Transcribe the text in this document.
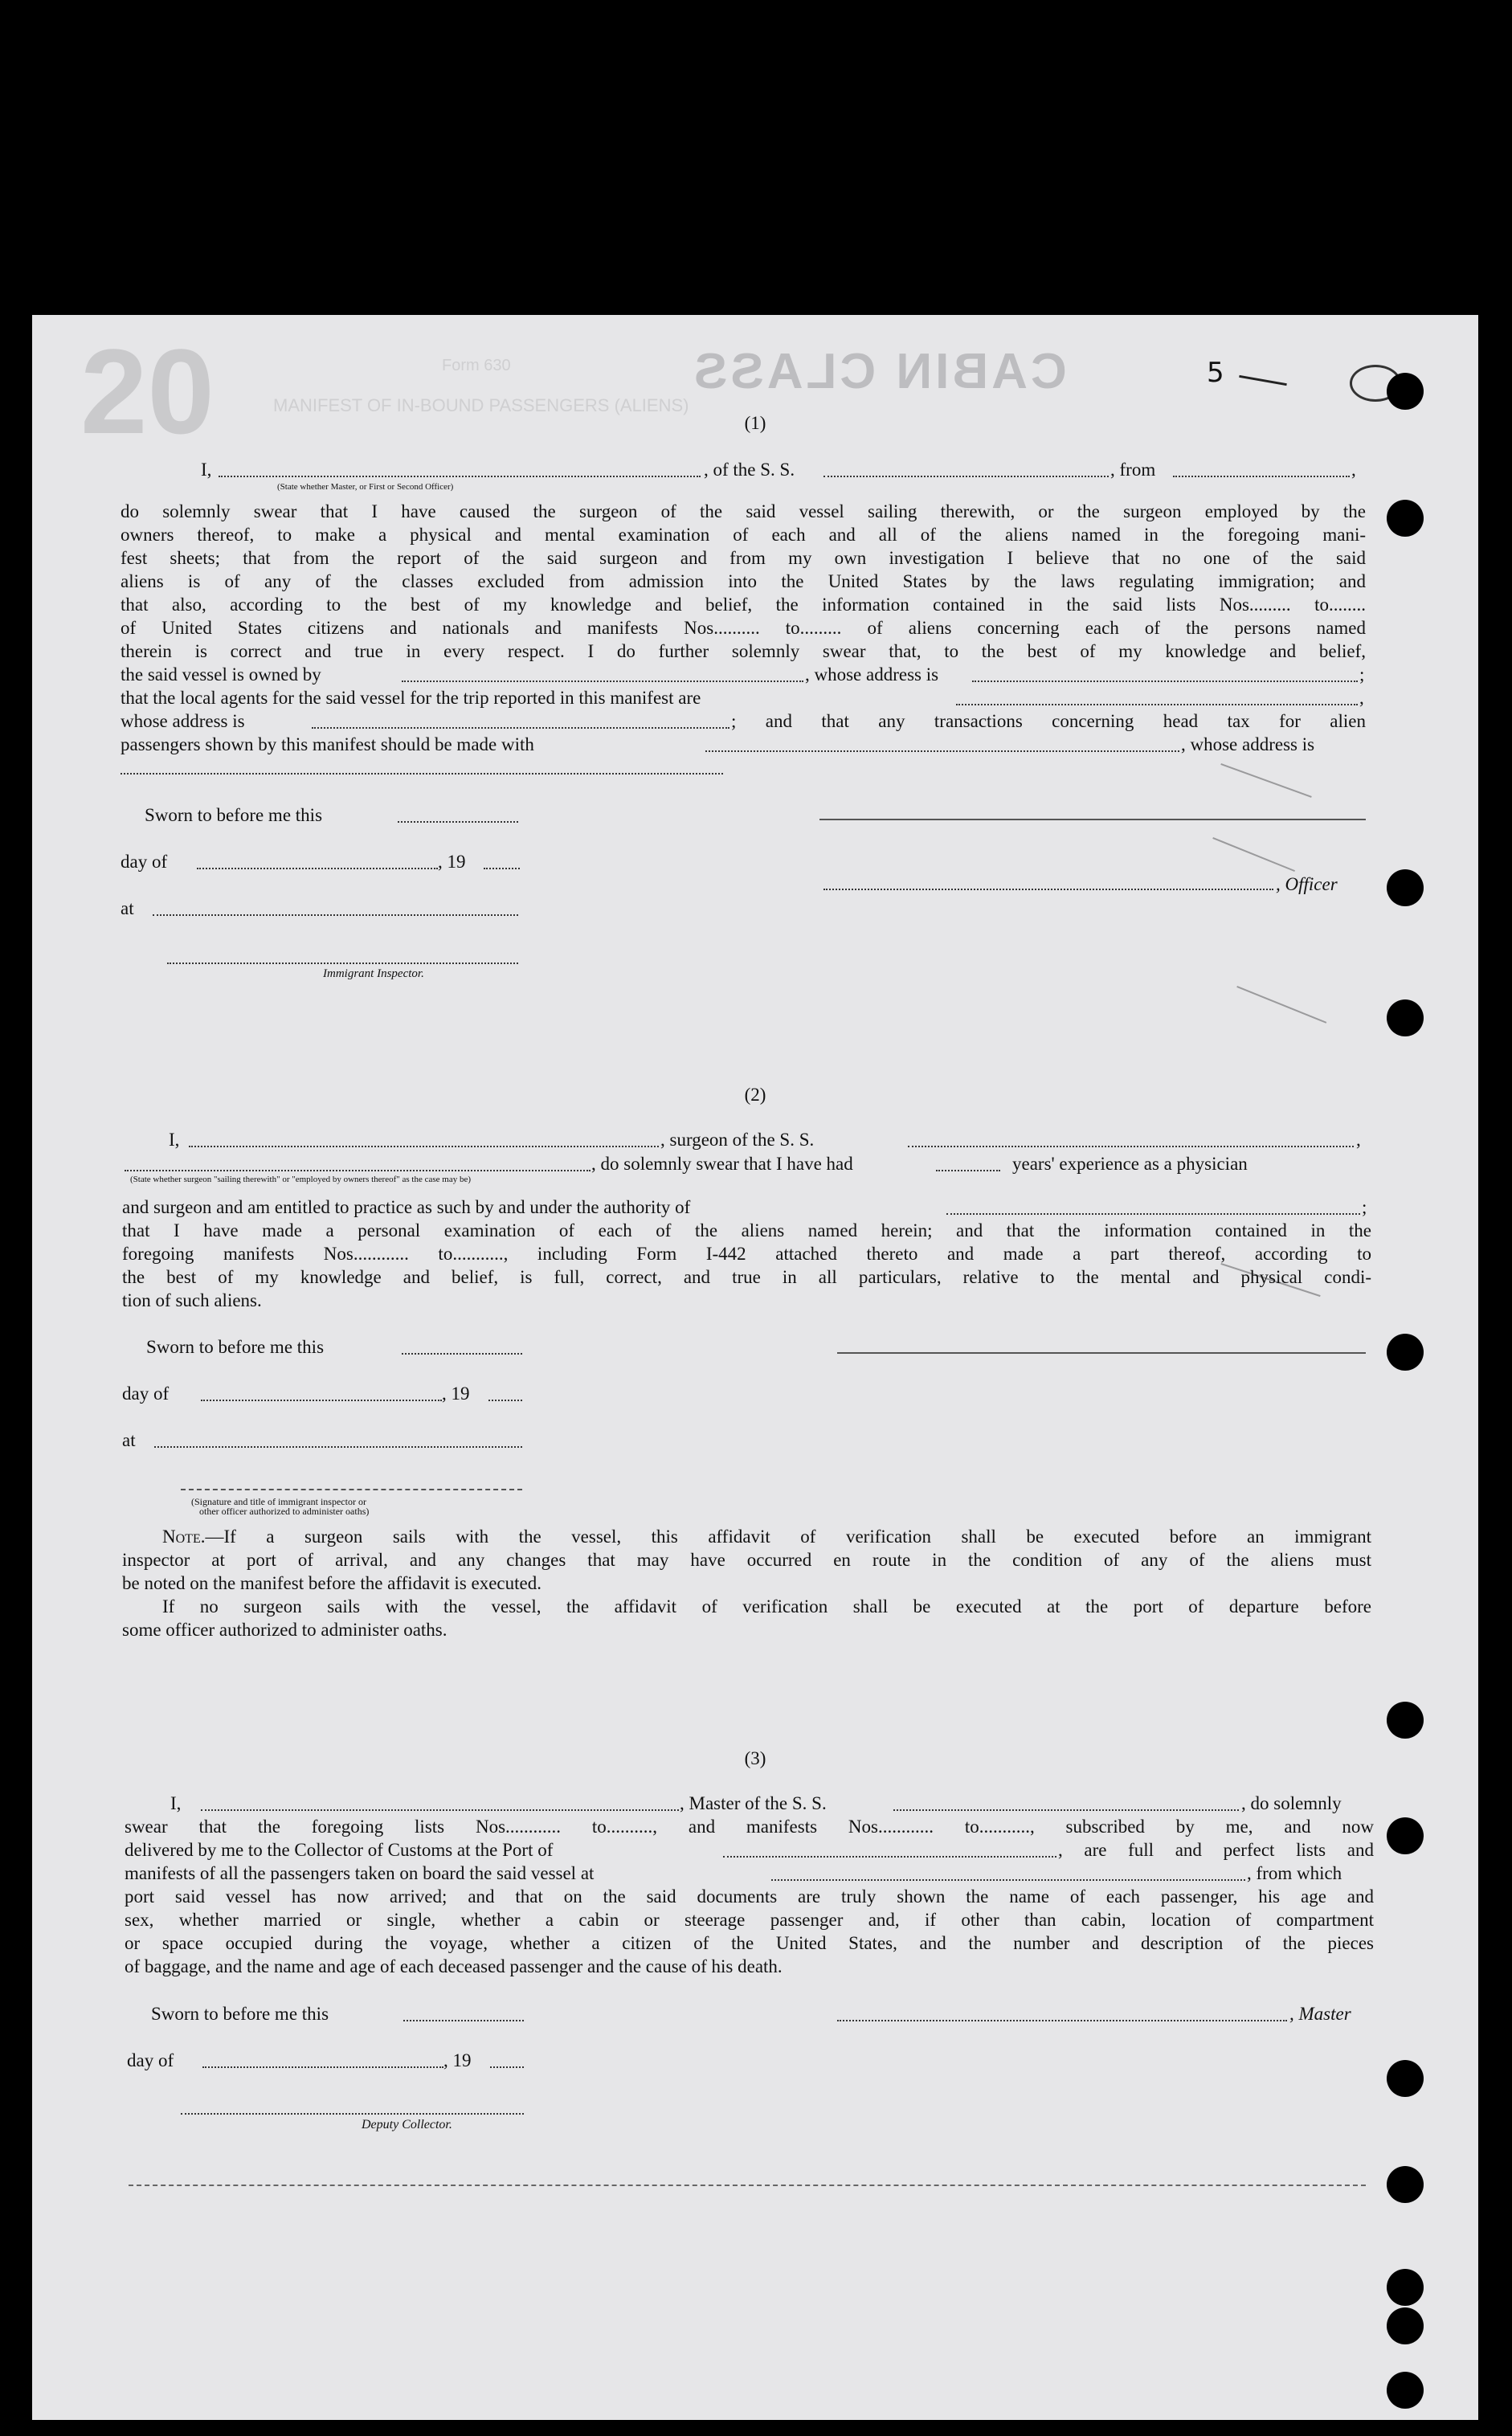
20	CABIN CLASS
Form 630
MANIFEST OF IN-BOUND PASSENGERS (ALIENS)
5
(1)
I,	, of the S. S.	, from	,
(State whether Master, or First or Second Officer)
do solemnly swear that I have caused the surgeon of the said vessel sailing therewith, or the surgeon employed by the
owners thereof, to make a physical and mental examination of each and all of the aliens named in the foregoing mani-
fest sheets; that from the report of the said surgeon and from my own investigation I believe that no one of the said
aliens is of any of the classes excluded from admission into the United States by the laws regulating immigration; and
that also, according to the best of my knowledge and belief, the information contained in the said lists Nos......... to........
of United States citizens and nationals and manifests Nos.......... to......... of aliens concerning each of the persons named
therein is correct and true in every respect. I do further solemnly swear that, to the best of my knowledge and belief,
the said vessel is owned by	, whose address is	;
that the local agents for the said vessel for the trip reported in this manifest are	,
whose address is	; and that any transactions concerning head tax for alien
passengers shown by this manifest should be made with	, whose address is
Sworn to before me this
day of	, 19
, Officer
at
Immigrant Inspector.
(2)
I,	, surgeon of the S. S.	,
, do solemnly swear that I have had	years' experience as a physician
(State whether surgeon "sailing therewith" or "employed by owners thereof" as the case may be)
and surgeon and am entitled to practice as such by and under the authority of	;
that I have made a personal examination of each of the aliens named herein; and that the information contained in the
foregoing manifests Nos............ to..........., including Form I-442 attached thereto and made a part thereof, according to
the best of my knowledge and belief, is full, correct, and true in all particulars, relative to the mental and physical condi-
tion of such aliens.
Sworn to before me this
day of	, 19
at
(Signature and title of immigrant inspector or
other officer authorized to administer oaths)
Note.—If a surgeon sails with the vessel, this affidavit of verification shall be executed before an immigrant
inspector at port of arrival, and any changes that may have occurred en route in the condition of any of the aliens must
be noted on the manifest before the affidavit is executed.
If no surgeon sails with the vessel, the affidavit of verification shall be executed at the port of departure before
some officer authorized to administer oaths.
(3)
I,	, Master of the S. S.	, do solemnly
swear that the foregoing lists Nos............ to.........., and manifests Nos............ to..........., subscribed by me, and now
delivered by me to the Collector of Customs at the Port of	, are full and perfect lists and
manifests of all the passengers taken on board the said vessel at	, from which
port said vessel has now arrived; and that on the said documents are truly shown the name of each passenger, his age and
sex, whether married or single, whether a cabin or steerage passenger and, if other than cabin, location of compartment
or space occupied during the voyage, whether a citizen of the United States, and the number and description of the pieces
of baggage, and the name and age of each deceased passenger and the cause of his death.
Sworn to before me this	, Master
day of	, 19
Deputy Collector.
